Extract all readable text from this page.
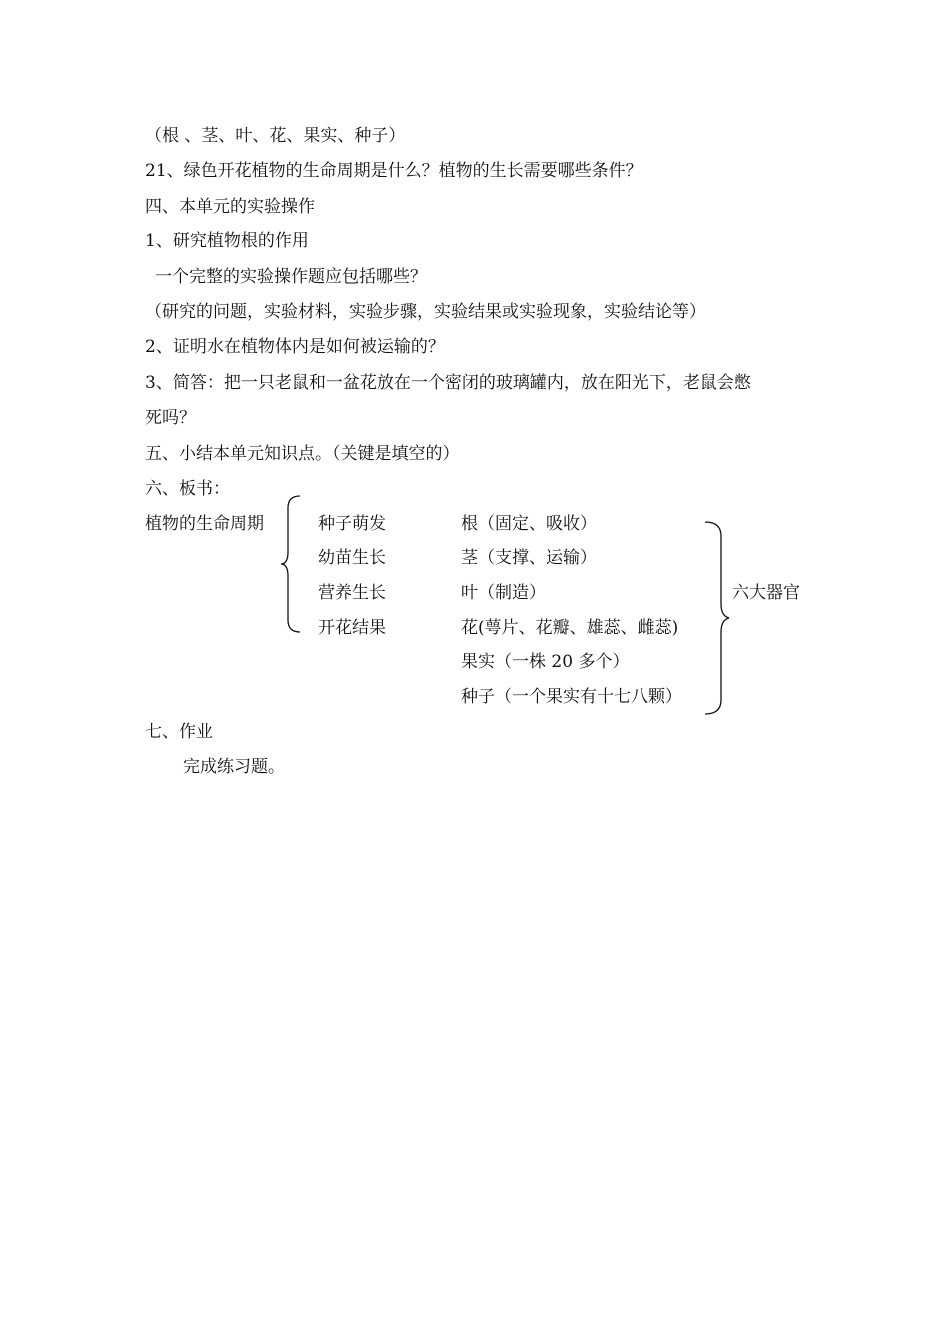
（根 、茎、叶、花、果实、种子）
21、绿色开花植物的生命周期是什么？植物的生长需要哪些条件？
四、本单元的实验操作
1、研究植物根的作用
一个完整的实验操作题应包括哪些？
（研究的问题，实验材料，实验步骤，实验结果或实验现象，实验结论等）
2、证明水在植物体内是如何被运输的？
3、简答：把一只老鼠和一盆花放在一个密闭的玻璃罐内，放在阳光下，老鼠会憋
死吗？
五、小结本单元知识点。（关键是填空的）
六、板书：
植物的生命周期	种子萌发
幼苗生长
营养生长
开花结果
根（固定、吸收）
茎（支撑、运输）
叶（制造）
花(萼片、花瓣、雄蕊、雌蕊)
果实（一株 20 多个）
种子（一个果实有十七八颗）
六大器官
七、作业
完成练习题。
